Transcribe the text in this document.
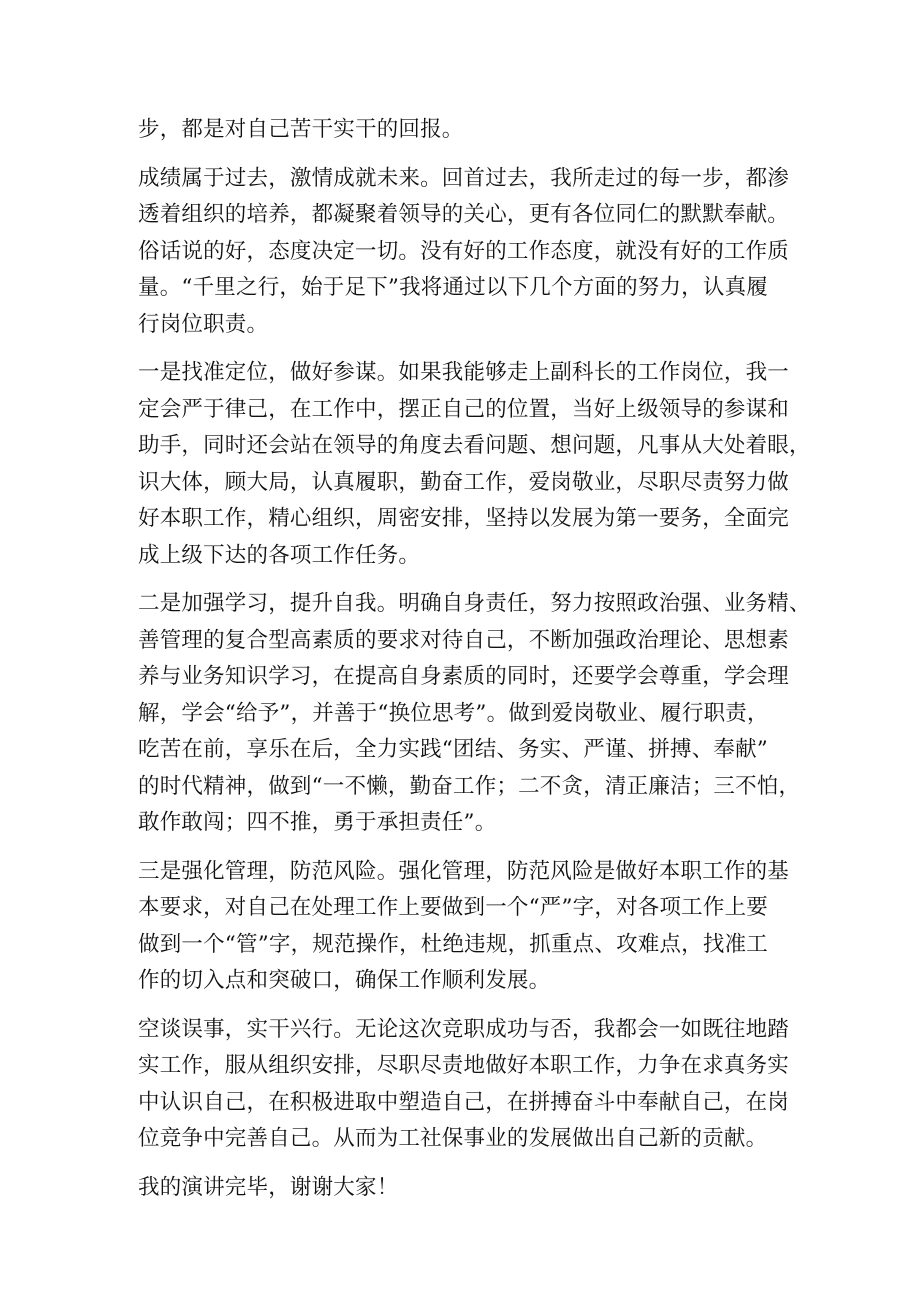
步，都是对自己苦干实干的回报。

成绩属于过去，激情成就未来。回首过去，我所走过的每一步，都渗
透着组织的培养，都凝聚着领导的关心，更有各位同仁的默默奉献。
俗话说的好，态度决定一切。没有好的工作态度，就没有好的工作质
量。“千里之行，始于足下”我将通过以下几个方面的努力，认真履
行岗位职责。

一是找准定位，做好参谋。如果我能够走上副科长的工作岗位，我一
定会严于律己，在工作中，摆正自己的位置，当好上级领导的参谋和
助手，同时还会站在领导的角度去看问题、想问题，凡事从大处着眼，
识大体，顾大局，认真履职，勤奋工作，爱岗敬业，尽职尽责努力做
好本职工作，精心组织，周密安排，坚持以发展为第一要务，全面完
成上级下达的各项工作任务。

二是加强学习，提升自我。明确自身责任，努力按照政治强、业务精、
善管理的复合型高素质的要求对待自己，不断加强政治理论、思想素
养与业务知识学习，在提高自身素质的同时，还要学会尊重，学会理
解，学会“给予”，并善于“换位思考”。做到爱岗敬业、履行职责，
吃苦在前，享乐在后，全力实践“团结、务实、严谨、拼搏、奉献”
的时代精神，做到“一不懒，勤奋工作；二不贪，清正廉洁；三不怕，
敢作敢闯；四不推，勇于承担责任”。

三是强化管理，防范风险。强化管理，防范风险是做好本职工作的基
本要求，对自己在处理工作上要做到一个“严”字，对各项工作上要
做到一个“管”字，规范操作，杜绝违规，抓重点、攻难点，找准工
作的切入点和突破口，确保工作顺利发展。

空谈误事，实干兴行。无论这次竞职成功与否，我都会一如既往地踏
实工作，服从组织安排，尽职尽责地做好本职工作，力争在求真务实
中认识自己，在积极进取中塑造自己，在拼搏奋斗中奉献自己，在岗
位竞争中完善自己。从而为工社保事业的发展做出自己新的贡献。

我的演讲完毕，谢谢大家！
